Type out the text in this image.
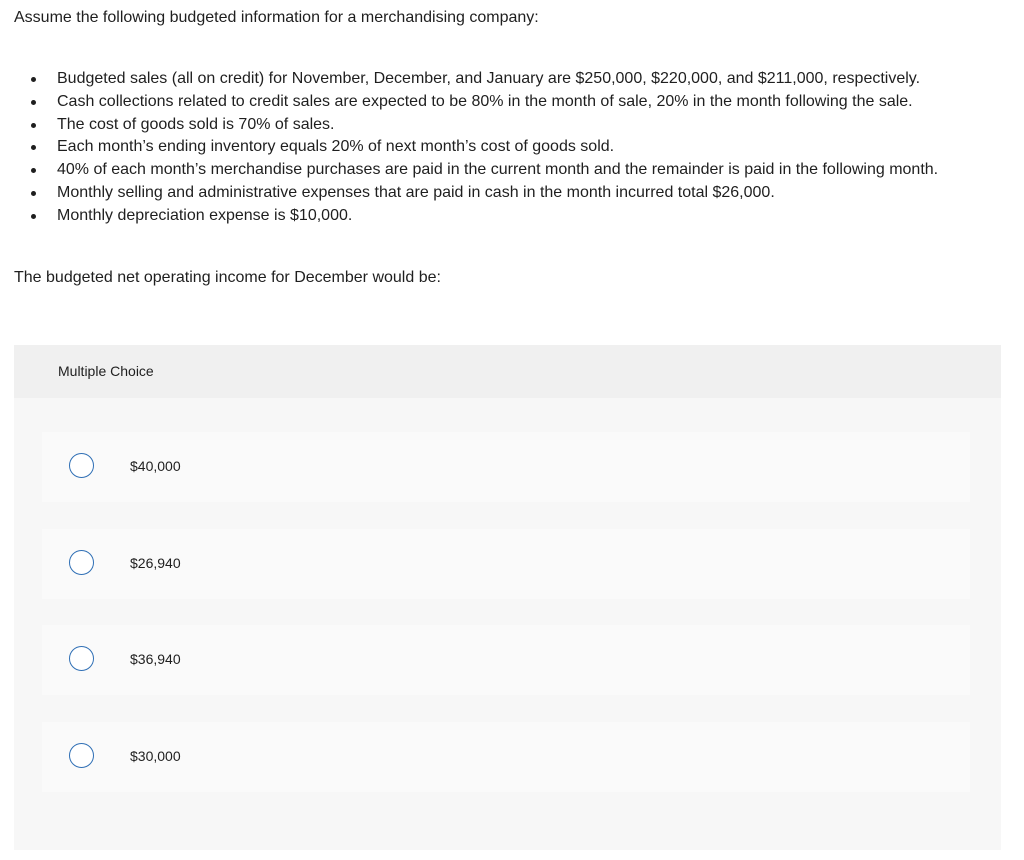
Assume the following budgeted information for a merchandising company:

Budgeted sales (all on credit) for November, December, and January are $250,000, $220,000, and $211,000, respectively.
Cash collections related to credit sales are expected to be 80% in the month of sale, 20% in the month following the sale.
The cost of goods sold is 70% of sales.
Each month’s ending inventory equals 20% of next month’s cost of goods sold.
40% of each month’s merchandise purchases are paid in the current month and the remainder is paid in the following month.
Monthly selling and administrative expenses that are paid in cash in the month incurred total $26,000.
Monthly depreciation expense is $10,000.

The budgeted net operating income for December would be:

Multiple Choice
$40,000
$26,940
$36,940
$30,000
